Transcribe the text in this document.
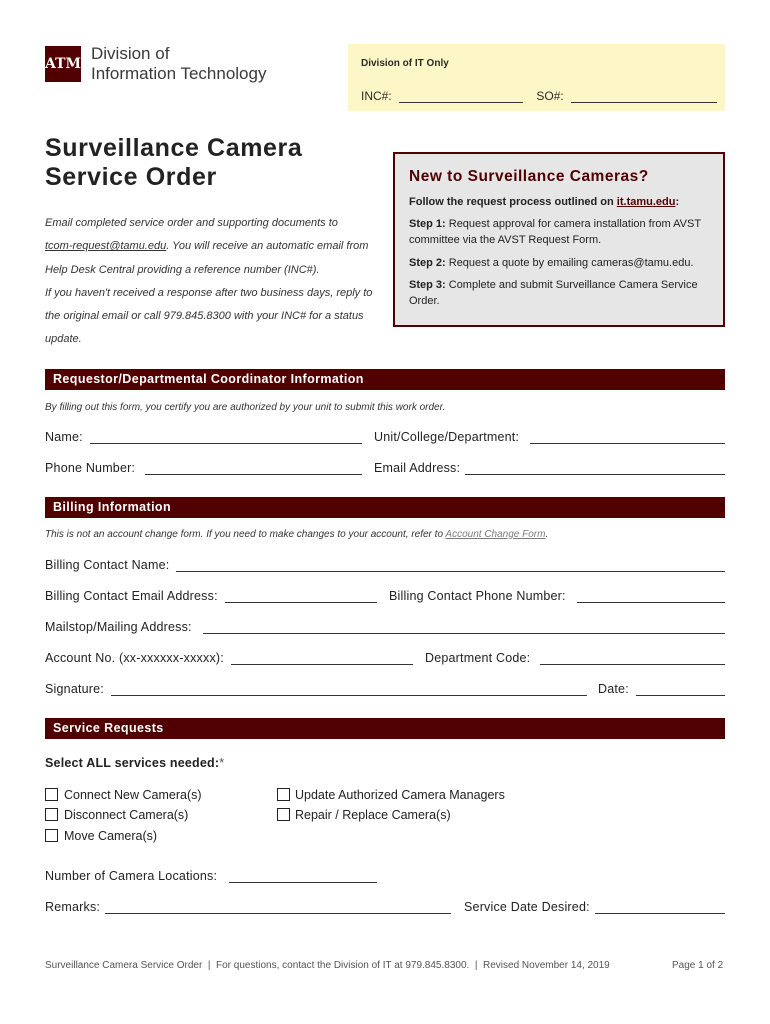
ATM
Division of
Information Technology
Division of IT Only
INC#:	SO#:
Surveillance Camera
Service Order
Email completed service order and supporting documents to
tcom-request@tamu.edu. You will receive an automatic email from Help Desk Central providing a reference number (INC#).
If you haven't received a response after two business days, reply to the original email or call 979.845.8300 with your INC# for a status update.
New to Surveillance Cameras?
Follow the request process outlined on it.tamu.edu:
Step 1: Request approval for camera installation from AVST committee via the AVST Request Form.
Step 2: Request a quote by emailing cameras@tamu.edu.
Step 3: Complete and submit Surveillance Camera Service Order.
Requestor/Departmental Coordinator Information
By filling out this form, you certify you are authorized by your unit to submit this work order.
Name:	Unit/College/Department:
Phone Number:	Email Address:
Billing Information
This is not an account change form. If you need to make changes to your account, refer to Account Change Form.
Billing Contact Name:
Billing Contact Email Address:	Billing Contact Phone Number:
Mailstop/Mailing Address:
Account No. (xx-xxxxxx-xxxxx):	Department Code:
Signature:	Date:
Service Requests
Select ALL services needed:*
Connect New Camera(s)
Disconnect Camera(s)
Move Camera(s)
Update Authorized Camera Managers
Repair / Replace Camera(s)
Number of Camera Locations:
Remarks:	Service Date Desired:
Surveillance Camera Service Order  |  For questions, contact the Division of IT at 979.845.8300.  |  Revised November 14, 2019	Page 1 of 2
